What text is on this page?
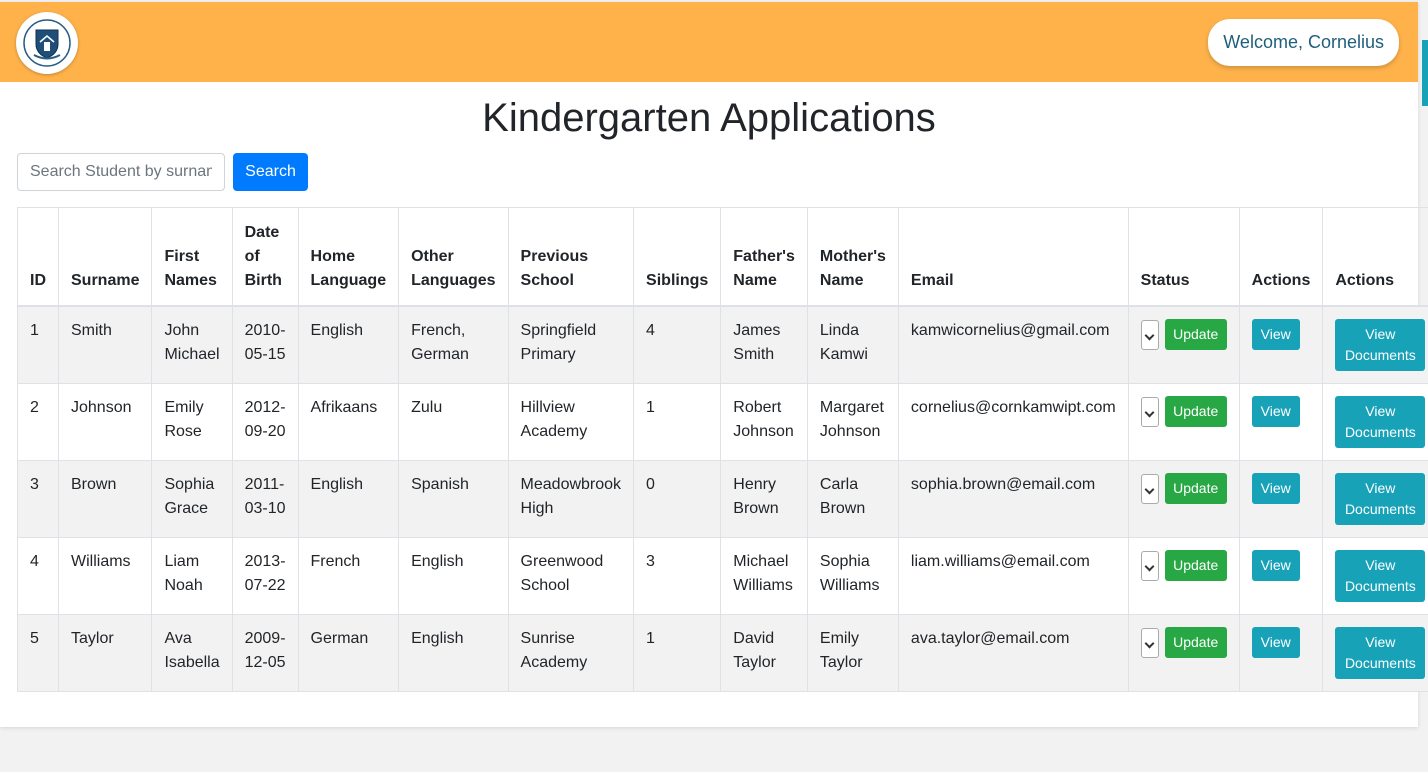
Welcome, Cornelius
Kindergarten Applications
Search Student by surname
Search
ID	Surname	First Names	Date of Birth	Home Language	Other Languages	Previous School	Siblings	Father's Name	Mother's Name	Email	Status	Actions	Actions
1	Smith	John Michael	2010-05-15	English	French, German	Springfield Primary	4	James Smith	Linda Kamwi	kamwicornelius@gmail.com	Update	View	View Documents
2	Johnson	Emily Rose	2012-09-20	Afrikaans	Zulu	Hillview Academy	1	Robert Johnson	Margaret Johnson	cornelius@cornkamwipt.com	Update	View	View Documents
3	Brown	Sophia Grace	2011-03-10	English	Spanish	Meadowbrook High	0	Henry Brown	Carla Brown	sophia.brown@email.com	Update	View	View Documents
4	Williams	Liam Noah	2013-07-22	French	English	Greenwood School	3	Michael Williams	Sophia Williams	liam.williams@email.com	Update	View	View Documents
5	Taylor	Ava Isabella	2009-12-05	German	English	Sunrise Academy	1	David Taylor	Emily Taylor	ava.taylor@email.com	Update	View	View Documents
